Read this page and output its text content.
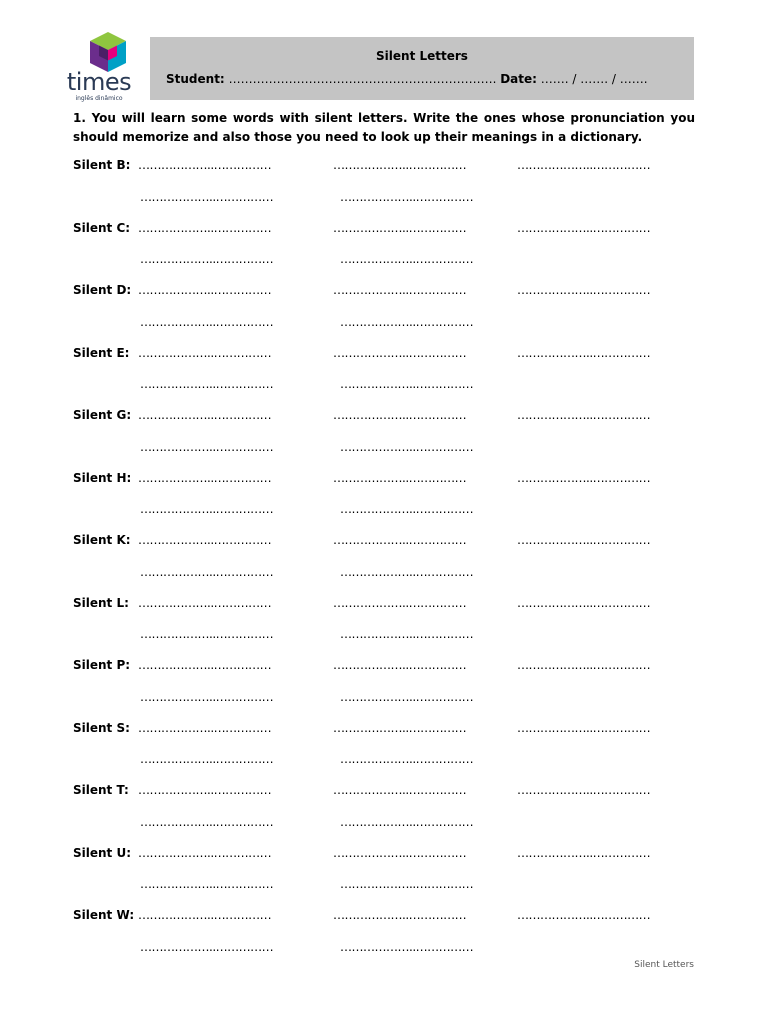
times
inglês dinâmico
Silent Letters
Student: …………………………………………………………. Date: ……. / ……. / …….
1. You will learn some words with silent letters. Write the ones whose pronunciation you should memorize and also those you need to look up their meanings in a dictionary.
Silent B: ………………..……………	………………..……………	………………..……………
………………..……………	………………..……………
Silent C: ………………..……………	………………..……………	………………..……………
………………..……………	………………..……………
Silent D: ………………..……………	………………..……………	………………..……………
………………..……………	………………..……………
Silent E: ………………..……………	………………..……………	………………..……………
………………..……………	………………..……………
Silent G: ………………..……………	………………..……………	………………..……………
………………..……………	………………..……………
Silent H: ………………..……………	………………..……………	………………..……………
………………..……………	………………..……………
Silent K: ………………..……………	………………..……………	………………..……………
………………..……………	………………..……………
Silent L: ………………..……………	………………..……………	………………..……………
………………..……………	………………..……………
Silent P: ………………..……………	………………..……………	………………..……………
………………..……………	………………..……………
Silent S: ………………..……………	………………..……………	………………..……………
………………..……………	………………..……………
Silent T: ………………..……………	………………..……………	………………..……………
………………..……………	………………..……………
Silent U: ………………..……………	………………..……………	………………..……………
………………..……………	………………..……………
Silent W: ………………..……………	………………..……………	………………..……………
………………..……………	………………..……………
Silent Letters
